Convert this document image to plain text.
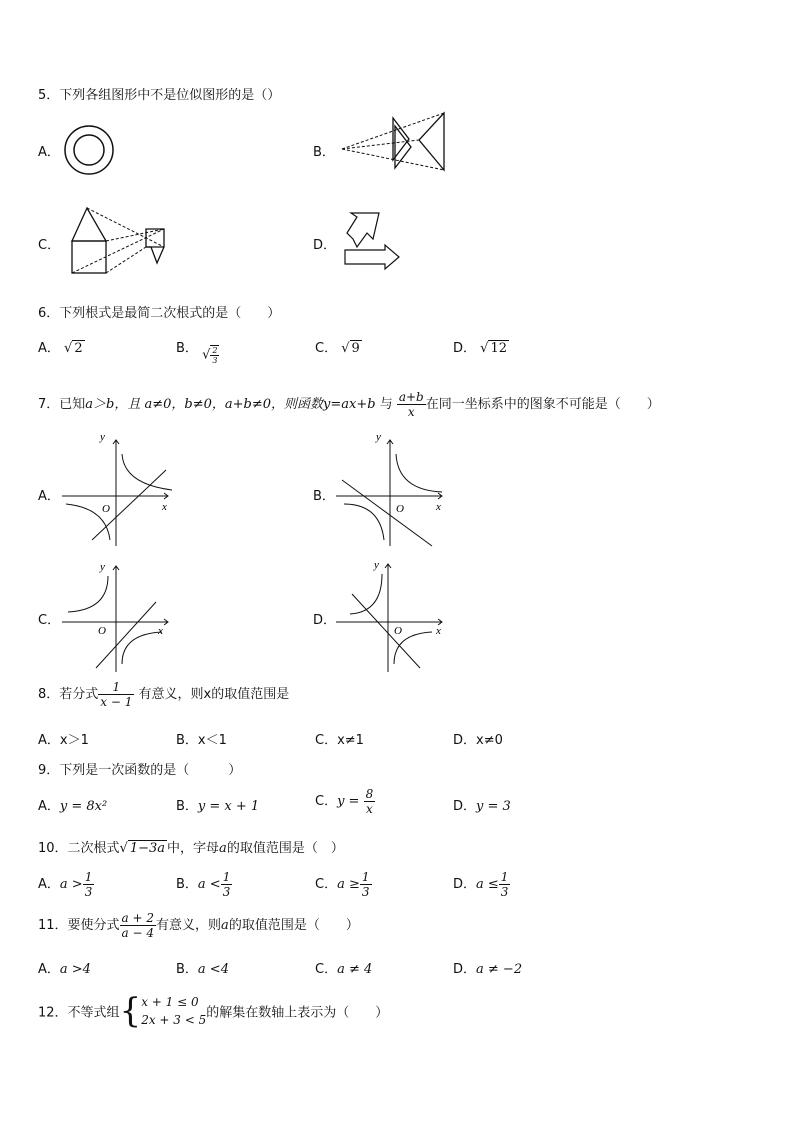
5．下列各组图形中不是位似图形的是（）
A．	B．
C．	D．
6．下列根式是最简二次根式的是（　　）
A． √ 2	B． √ $\frac{2}{3}$	C． √ 9	D． √ 12
7．已知a＞b，且 a≠0，b≠0，a+b≠0，则函数y=ax+b 与 $\frac{a+b}{x}$ 在同一坐标系中的图象不可能是（　　）
A．
y
x
O
B．
y
x
O
C．
y
x
O
D．
y
x
O
8．若分式 $\frac{1}{x - 1}$ 有意义，则x的取值范围是
A．x＞1	B．x＜1	C．x≠1	D．x≠0
9．下列是一次函数的是（　　　）
A．y = 8x²	B．y = x + 1	C．$y = \frac{8}{x}$	D．y = 3
10．二次根式√ 1−3a 中，字母a的取值范围是（　）
A．$a > \frac{1}{3}$	B．$a < \frac{1}{3}$	C．$a \ge \frac{1}{3}$	D．$a \le \frac{1}{3}$
11．要使分式 $\frac{a + 2}{a - 4}$ 有意义，则a的取值范围是（　　）
A．a >4	B．a <4	C．a ≠ 4	D．a ≠ −2
12．不等式组{ x + 1 ≤ 0
2x + 3 < 5 的解集在数轴上表示为（　　）
